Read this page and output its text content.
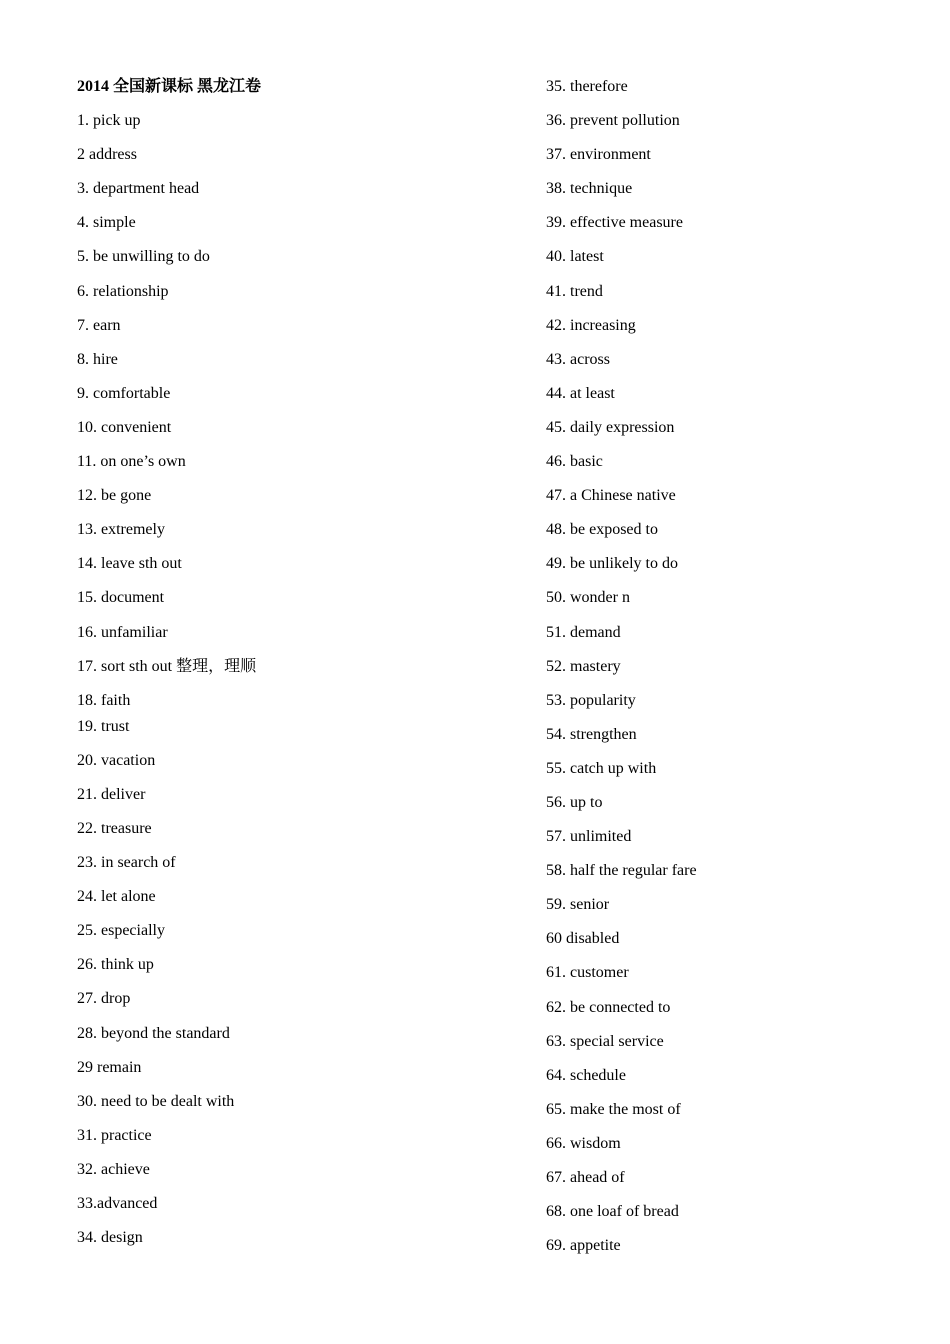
2014 全国新课标 黑龙江卷
1. pick up
2 address
3. department head
4. simple
5. be unwilling to do
6. relationship
7. earn
8. hire
9. comfortable
10. convenient
11. on one’s own
12. be gone
13. extremely
14. leave sth out
15. document
16. unfamiliar
17. sort sth out 整理，理顺
18. faith
19. trust
20. vacation
21. deliver
22. treasure
23. in search of
24. let alone
25. especially
26. think up
27. drop
28. beyond the standard
29 remain
30. need to be dealt with
31. practice
32. achieve
33.advanced
34. design
35. therefore
36. prevent pollution
37. environment
38. technique
39. effective measure
40. latest
41. trend
42. increasing
43. across
44. at least
45. daily expression
46. basic
47. a Chinese native
48. be exposed to
49. be unlikely to do
50. wonder n
51. demand
52. mastery
53. popularity
54. strengthen
55. catch up with
56. up to
57. unlimited
58. half the regular fare
59. senior
60 disabled
61. customer
62. be connected to
63. special service
64. schedule
65. make the most of
66. wisdom
67. ahead of
68. one loaf of bread
69. appetite
